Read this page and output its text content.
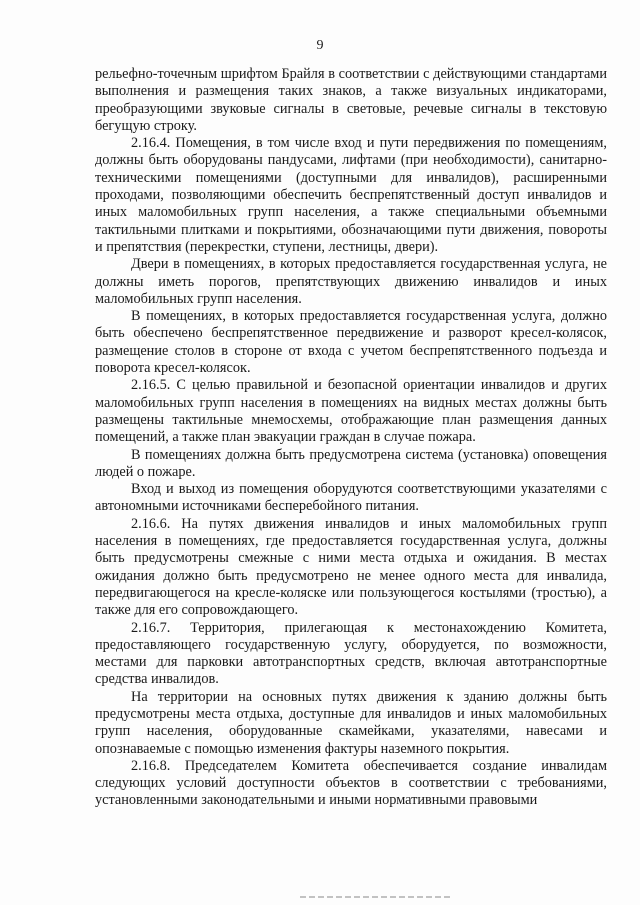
9

рельефно-точечным шрифтом Брайля в соответствии с действующими стандартами выполнения и размещения таких знаков, а также визуальных индикаторами, преобразующими звуковые сигналы в световые, речевые сигналы в текстовую бегущую строку.

2.16.4. Помещения, в том числе вход и пути передвижения по помещениям, должны быть оборудованы пандусами, лифтами (при необходимости), санитарно-техническими помещениями (доступными для инвалидов), расширенными проходами, позволяющими обеспечить беспрепятственный доступ инвалидов и иных маломобильных групп населения, а также специальными объемными тактильными плитками и покрытиями, обозначающими пути движения, повороты и препятствия (перекрестки, ступени, лестницы, двери).

Двери в помещениях, в которых предоставляется государственная услуга, не должны иметь порогов, препятствующих движению инвалидов и иных маломобильных групп населения.

В помещениях, в которых предоставляется государственная услуга, должно быть обеспечено беспрепятственное передвижение и разворот кресел-колясок, размещение столов в стороне от входа с учетом беспрепятственного подъезда и поворота кресел-колясок.

2.16.5. С целью правильной и безопасной ориентации инвалидов и других маломобильных групп населения в помещениях на видных местах должны быть размещены тактильные мнемосхемы, отображающие план размещения данных помещений, а также план эвакуации граждан в случае пожара.

В помещениях должна быть предусмотрена система (установка) оповещения людей о пожаре.

Вход и выход из помещения оборудуются соответствующими указателями с автономными источниками бесперебойного питания.

2.16.6. На путях движения инвалидов и иных маломобильных групп населения в помещениях, где предоставляется государственная услуга, должны быть предусмотрены смежные с ними места отдыха и ожидания. В местах ожидания должно быть предусмотрено не менее одного места для инвалида, передвигающегося на кресле-коляске или пользующегося костылями (тростью), а также для его сопровождающего.

2.16.7. Территория, прилегающая к местонахождению Комитета, предоставляющего государственную услугу, оборудуется, по возможности, местами для парковки автотранспортных средств, включая автотранспортные средства инвалидов.

На территории на основных путях движения к зданию должны быть предусмотрены места отдыха, доступные для инвалидов и иных маломобильных групп населения, оборудованные скамейками, указателями, навесами и опознаваемые с помощью изменения фактуры наземного покрытия.

2.16.8. Председателем Комитета обеспечивается создание инвалидам следующих условий доступности объектов в соответствии с требованиями, установленными законодательными и иными нормативными правовыми
